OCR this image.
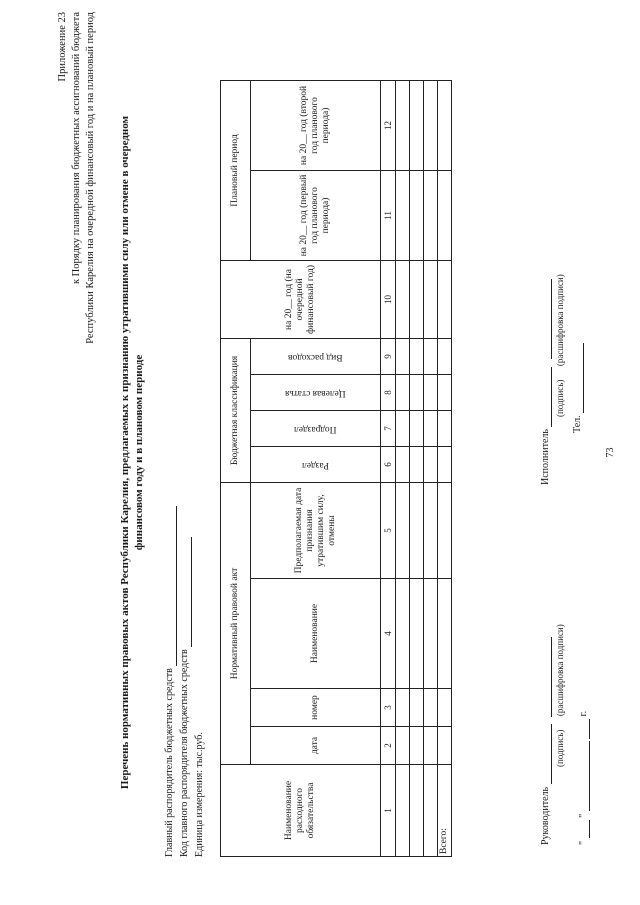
Приложение 23 к Порядку планирования бюджетных ассигнований бюджета Республики Карелия на очередной финансовый год и на плановый период Перечень нормативных правовых актов Республики Карелия, предлагаемых к признанию утратившими силу или отмене в очередном финансовом году и в плановом периоде
Главный распорядитель бюджетных средств Код главного распорядителя бюджетных средств Единица измерения: тыс.руб.	Наименование расходного обязательства	Нормативный правовой акт				Бюджетная классификация				на 20__ год (на очередной финансовый год)	Плановый период	
	дата	номер	Наименование	Предполагаемая дата признания утратившим силу, отмены	Раздел	Подраздел	Целевая статья	Вид расходов		на 20__ год (первый год планового периода)	на 20__ год (второй год планового периода)
1	2	3	4	5	6	7	8	9	10	11	12

Всего:												Руководитель
(подпись)      (расшифровка подписи)
"  "   г.
Исполнитель
(подпись)      (расшифровка подписи)
Тел.
73
